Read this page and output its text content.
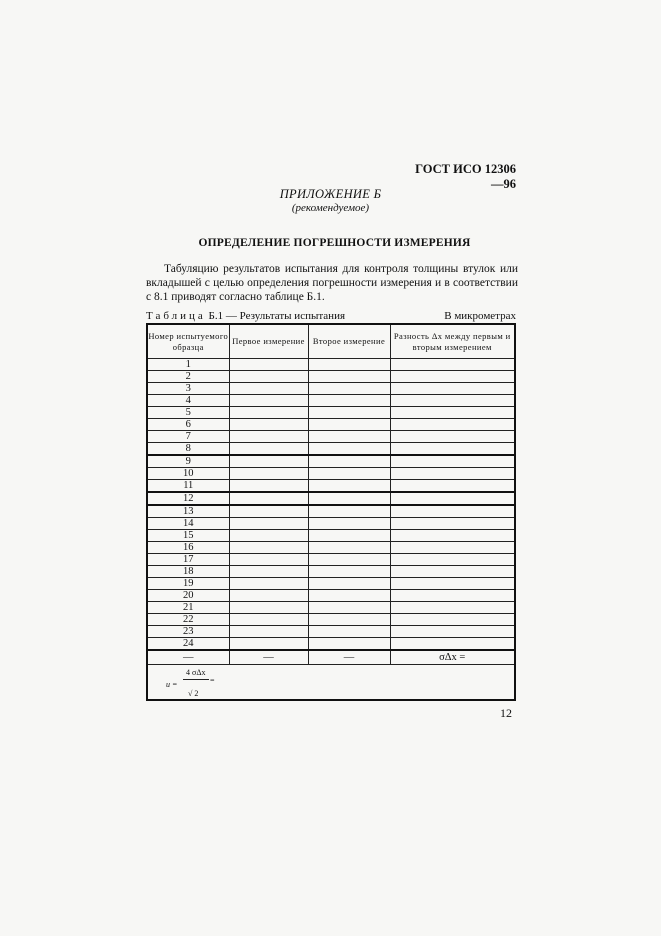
ГОСТ ИСО 12306—96
ПРИЛОЖЕНИЕ Б
(рекомендуемое)
ОПРЕДЕЛЕНИЕ ПОГРЕШНОСТИ ИЗМЕРЕНИЯ
Табуляцию результатов испытания для контроля толщины втулок или вкладышей с целью определения погрешности измерения и в соответствии с 8.1 приводят согласно таблице Б.1.
Таблица Б.1 — Результаты испытания	В микрометрах
Номер испытуемого образца	Первое измерение	Второе измерение	Разность Δx между первым и вторым измерением
1			
2			
3			
4			
5			
6			
7			
8			
9			
10			
11			
12			
13			
14			
15			
16			
17			
18			
19			
20			
21			
22			
23			
24			
—	—	—	σΔx =

u =
4 σΔx
=
√ 2			
12
